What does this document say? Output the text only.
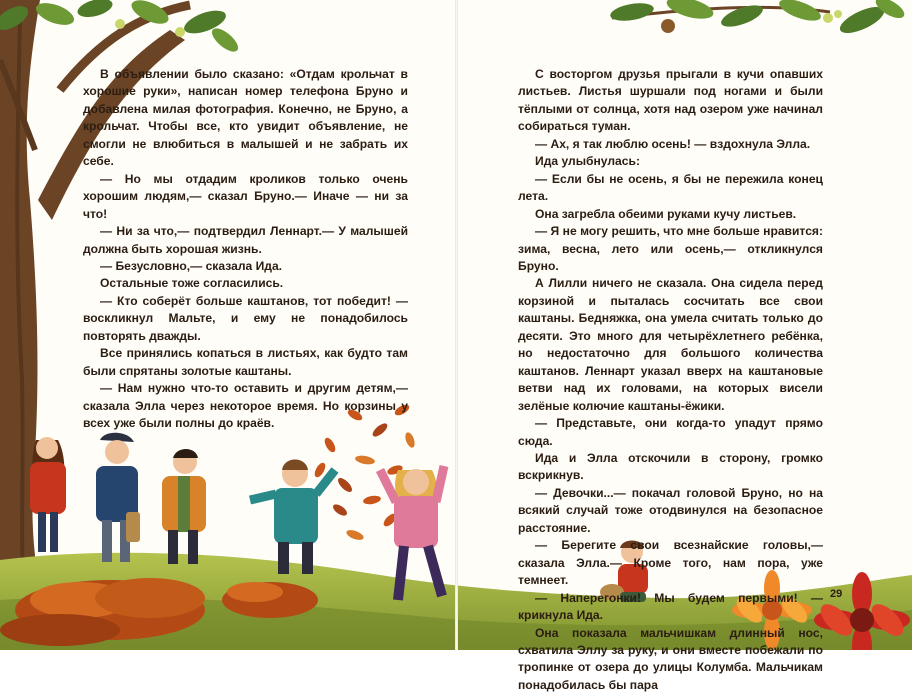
В объявлении было сказано: «Отдам крольчат в хорошие руки», написан номер телефона Бруно и добавлена милая фотография. Конечно, не Бруно, а крольчат. Чтобы все, кто увидит объявление, не смогли не влюбиться в малышей и не забрать их себе.

— Но мы отдадим кроликов только очень хорошим людям,— сказал Бруно.— Иначе — ни за что!

— Ни за что,— подтвердил Леннарт.— У малышей должна быть хорошая жизнь.

— Безусловно,— сказала Ида.

Остальные тоже согласились.

— Кто соберёт больше каштанов, тот победит! — воскликнул Мальте, и ему не понадобилось повторять дважды.

Все принялись копаться в листьях, как будто там были спрятаны золотые каштаны.

— Нам нужно что-то оставить и другим детям,— сказала Элла через некоторое время. Но корзины у всех уже были полны до краёв.

С восторгом друзья прыгали в кучи опавших листьев. Листья шуршали под ногами и были тёплыми от солнца, хотя над озером уже начинал собираться туман.

— Ах, я так люблю осень! — вздохнула Элла.

Ида улыбнулась:

— Если бы не осень, я бы не пережила конец лета.

Она загребла обеими руками кучу листьев.

— Я не могу решить, что мне больше нравится: зима, весна, лето или осень,— откликнулся Бруно.

А Лилли ничего не сказала. Она сидела перед корзиной и пыталась сосчитать все свои каштаны. Бедняжка, она умела считать только до десяти. Это много для четырёхлетнего ребёнка, но недостаточно для большого количества каштанов. Леннарт указал вверх на каштановые ветви над их головами, на которых висели зелёные колючие каштаны-ёжики.

— Представьте, они когда-то упадут прямо сюда.

Ида и Элла отскочили в сторону, громко вскрикнув.

— Девочки...— покачал головой Бруно, но на всякий случай тоже отодвинулся на безопасное расстояние.

— Берегите свои всезнайские головы,— сказала Элла.— Кроме того, нам пора, уже темнеет.

— Наперегонки! Мы будем первыми! — крикнула Ида.

Она показала мальчишкам длинный нос, схватила Эллу за руку, и они вместе побежали по тропинке от озера до улицы Колумба. Мальчикам понадобилась бы пара

29
